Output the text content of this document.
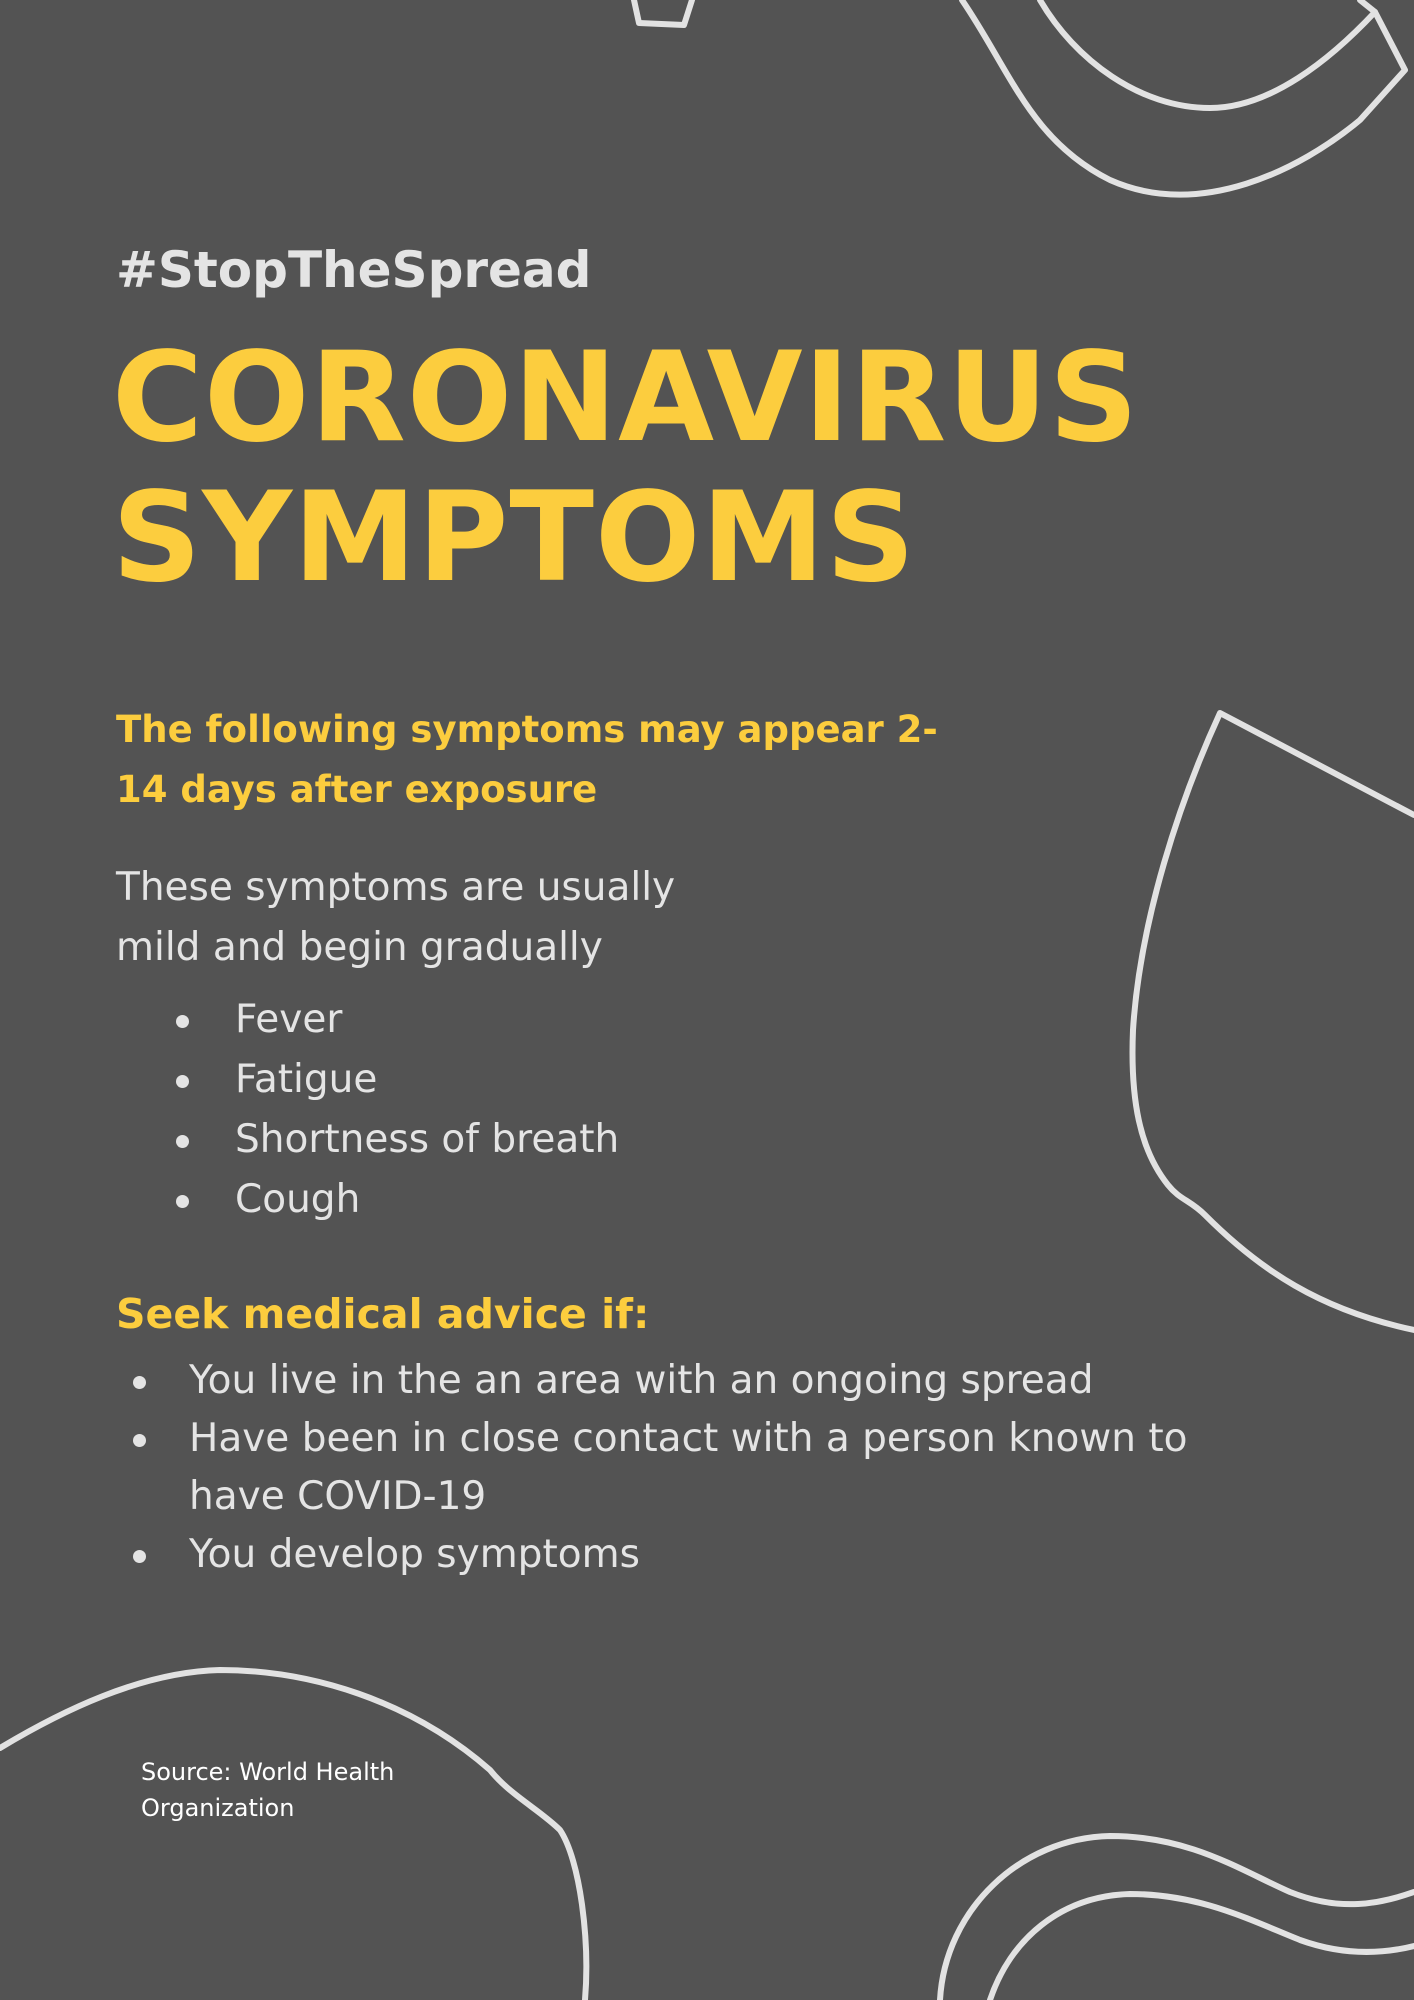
#StopTheSpread
CORONAVIRUS
SYMPTOMS

The following symptoms may appear 2-14 days after exposure

These symptoms are usually mild and begin gradually

Fever
Fatigue
Shortness of breath
Cough
Seek medical advice if:
You live in the an area with an ongoing spread
Have been in close contact with a person known to have COVID-19
You develop symptoms

Source: World Health Organization
